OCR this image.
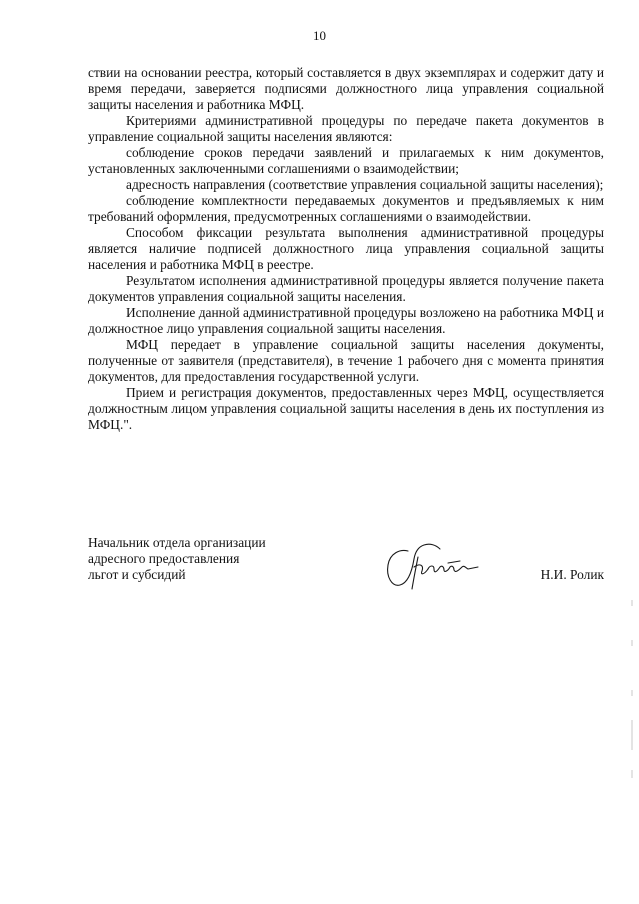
10

ствии на основании реестра, который составляется в двух экземплярах и содержит дату и время передачи, заверяется подписями должностного лица управления социальной защиты населения и работника МФЦ.

Критериями административной процедуры по передаче пакета документов в управление социальной защиты населения являются:

соблюдение сроков передачи заявлений и прилагаемых к ним документов, установленных заключенными соглашениями о взаимодействии;

адресность направления (соответствие управления социальной защиты населения);

соблюдение комплектности передаваемых документов и предъявляемых к ним требований оформления, предусмотренных соглашениями о взаимодействии.

Способом фиксации результата выполнения административной процедуры является наличие подписей должностного лица управления социальной защиты населения и работника МФЦ в реестре.

Результатом исполнения административной процедуры является получение пакета документов управления социальной защиты населения.

Исполнение данной административной процедуры возложено на работника МФЦ и должностное лицо управления социальной защиты населения.

МФЦ передает в управление социальной защиты населения документы, полученные от заявителя (представителя), в течение 1 рабочего дня с момента принятия документов, для предоставления государственной услуги.

Прием и регистрация документов, предоставленных через МФЦ, осуществляется должностным лицом управления социальной защиты населения в день их поступления из МФЦ.".

Начальник отдела организации
адресного предоставления
льгот и субсидий	Н.И. Ролик
